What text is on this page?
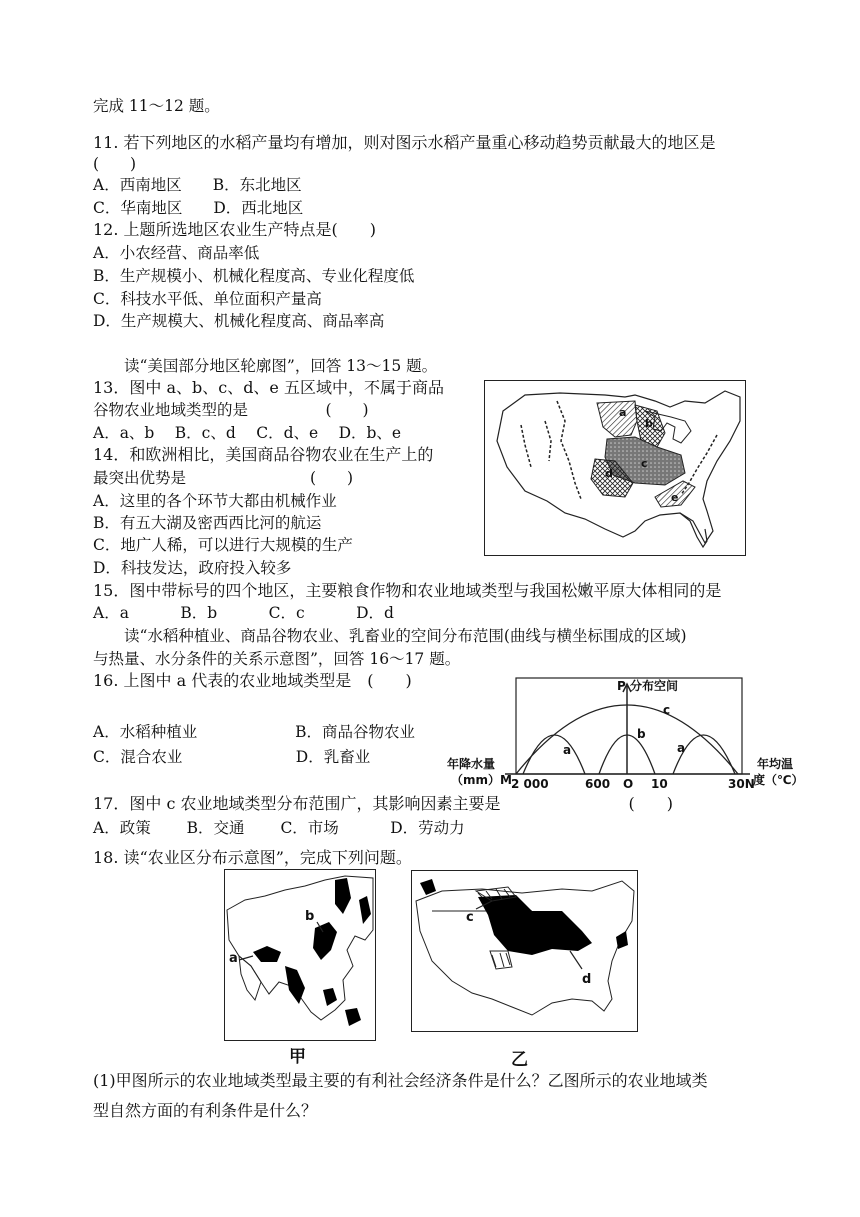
完成 11～12 题。
11. 若下列地区的水稻产量均有增加，则对图示水稻产量重心移动趋势贡献最大的地区是
(　　)
A．西南地区　　B．东北地区
C．华南地区　　D．西北地区
12. 上题所选地区农业生产特点是(　　)
A．小农经营、商品率低
B．生产规模小、机械化程度高、专业化程度低
C．科技水平低、单位面积产量高
D．生产规模大、机械化程度高、商品率高
　　读“美国部分地区轮廓图”，回答 13～15 题。
13．图中 a、b、c、d、e 五区域中，不属于商品
谷物农业地域类型的是　　　　　(　　)
A．a、b　 B．c、d　 C．d、e　 D．b、e
14．和欧洲相比，美国商品谷物农业在生产上的
最突出优势是　　　　　　　　(　　)
A．这里的各个环节大都由机械作业
B．有五大湖及密西西比河的航运
C．地广人稀，可以进行大规模的生产
D．科技发达，政府投入较多
15．图中带标号的四个地区，主要粮食作物和农业地域类型与我国松嫩平原大体相同的是
A．a　　　 B．b　　　 C．c　　　 D．d
　　读“水稻种植业、商品谷物农业、乳畜业的空间分布范围(曲线与横坐标围成的区域)
与热量、水分条件的关系示意图”，回答 16～17 题。
16. 上图中 a 代表的农业地域类型是　(　　)
A．水稻种植业　　　　　　 B．商品谷物农业
C．混合农业　　　　　　　 D．乳畜业
17．图中 c 农业地域类型分布范围广，其影响因素主要是　　　　　　　　(　　)
A．政策　　 B．交通　　 C．市场　　　 D．劳动力
18. 读“农业区分布示意图”，完成下列问题。
(1)甲图所示的农业地域类型最主要的有利社会经济条件是什么？乙图所示的农业地域类
型自然方面的有利条件是什么？
a
b
c
d
e
c
b
a	a
P 分布空间
2 000	600 O 10	30N
年降水量 （mm）M
年均温 度（℃）
a
b
甲
c
d
乙
